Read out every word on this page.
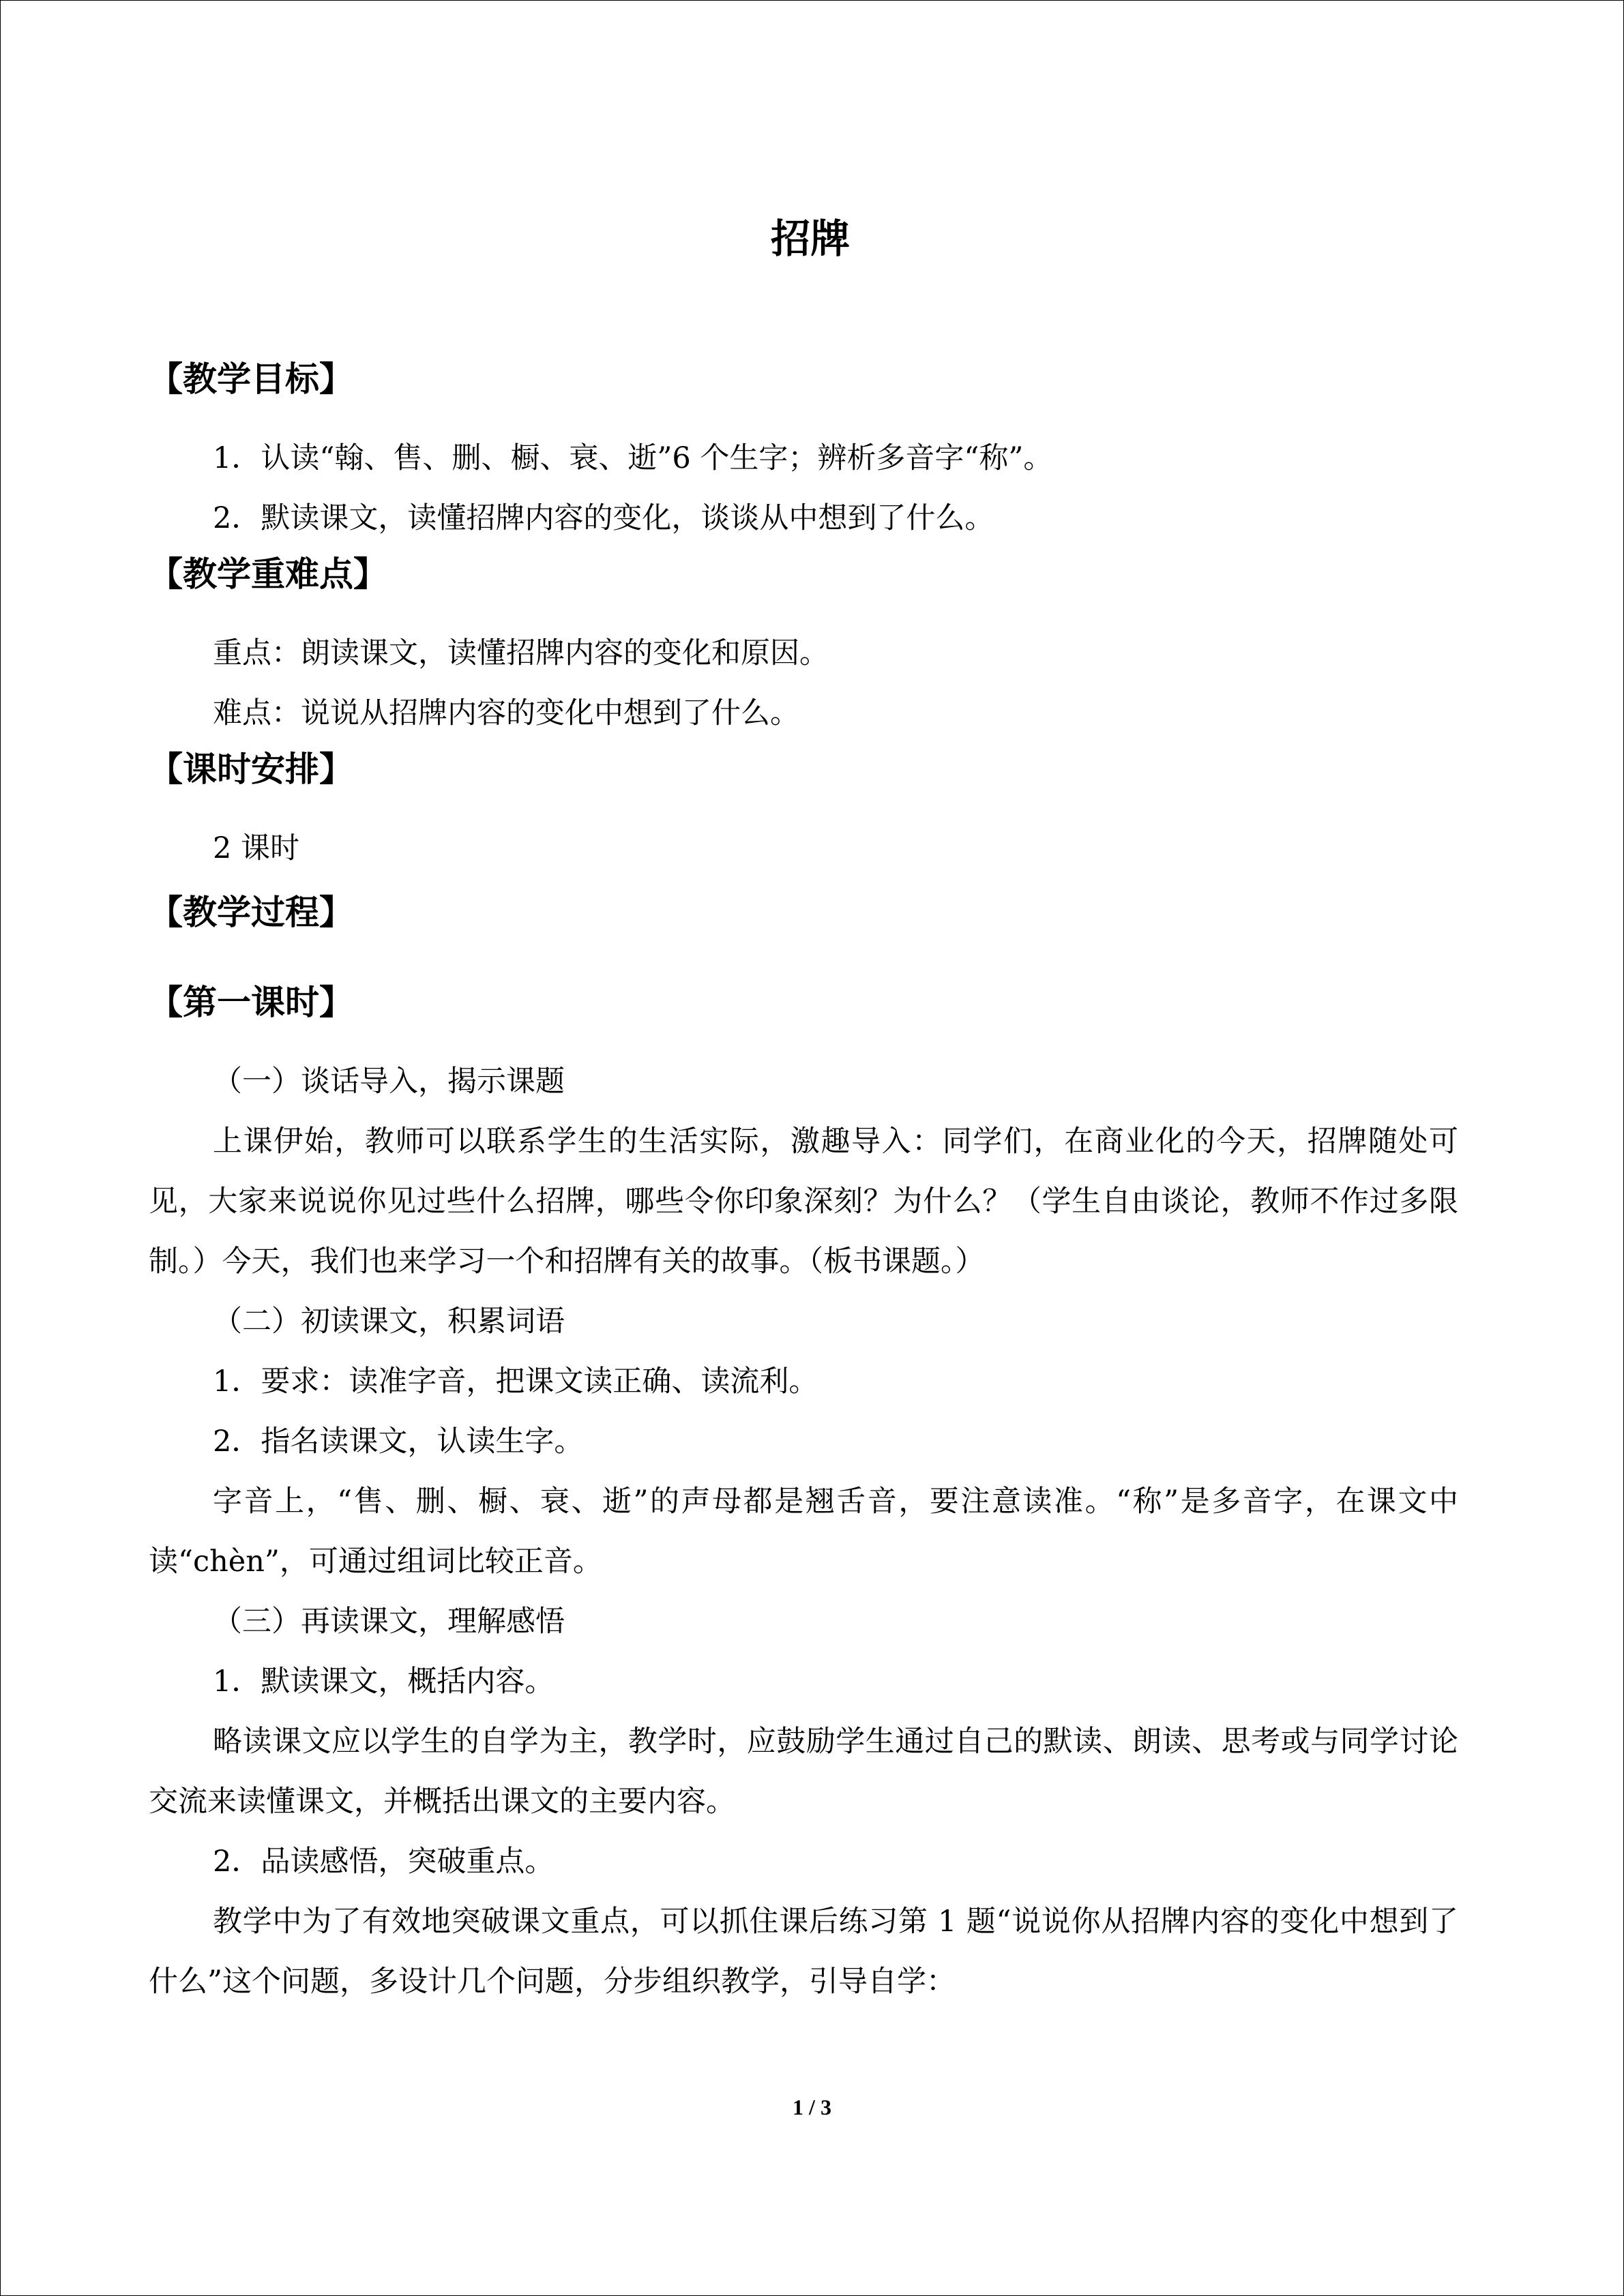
招牌
【教学目标】
1．认读“翰、售、删、橱、衰、逝”6 个生字；辨析多音字“称”。
2．默读课文，读懂招牌内容的变化，谈谈从中想到了什么。
【教学重难点】
重点：朗读课文，读懂招牌内容的变化和原因。
难点：说说从招牌内容的变化中想到了什么。
【课时安排】
2 课时
【教学过程】
【第一课时】
（一）谈话导入，揭示课题
上课伊始，教师可以联系学生的生活实际，激趣导入：同学们，在商业化的今天，招牌随处可见，大家来说说你见过些什么招牌，哪些令你印象深刻？为什么？（学生自由谈论，教师不作过多限制。）今天，我们也来学习一个和招牌有关的故事。（板书课题。）
（二）初读课文，积累词语
1．要求：读准字音，把课文读正确、读流利。
2．指名读课文，认读生字。
字音上，“售、删、橱、衰、逝”的声母都是翘舌音，要注意读准。“称”是多音字，在课文中读“chèn”，可通过组词比较正音。
（三）再读课文，理解感悟
1．默读课文，概括内容。
略读课文应以学生的自学为主，教学时，应鼓励学生通过自己的默读、朗读、思考或与同学讨论交流来读懂课文，并概括出课文的主要内容。
2．品读感悟，突破重点。
教学中为了有效地突破课文重点，可以抓住课后练习第 1 题“说说你从招牌内容的变化中想到了什么”这个问题，多设计几个问题，分步组织教学，引导自学：
1 / 3
